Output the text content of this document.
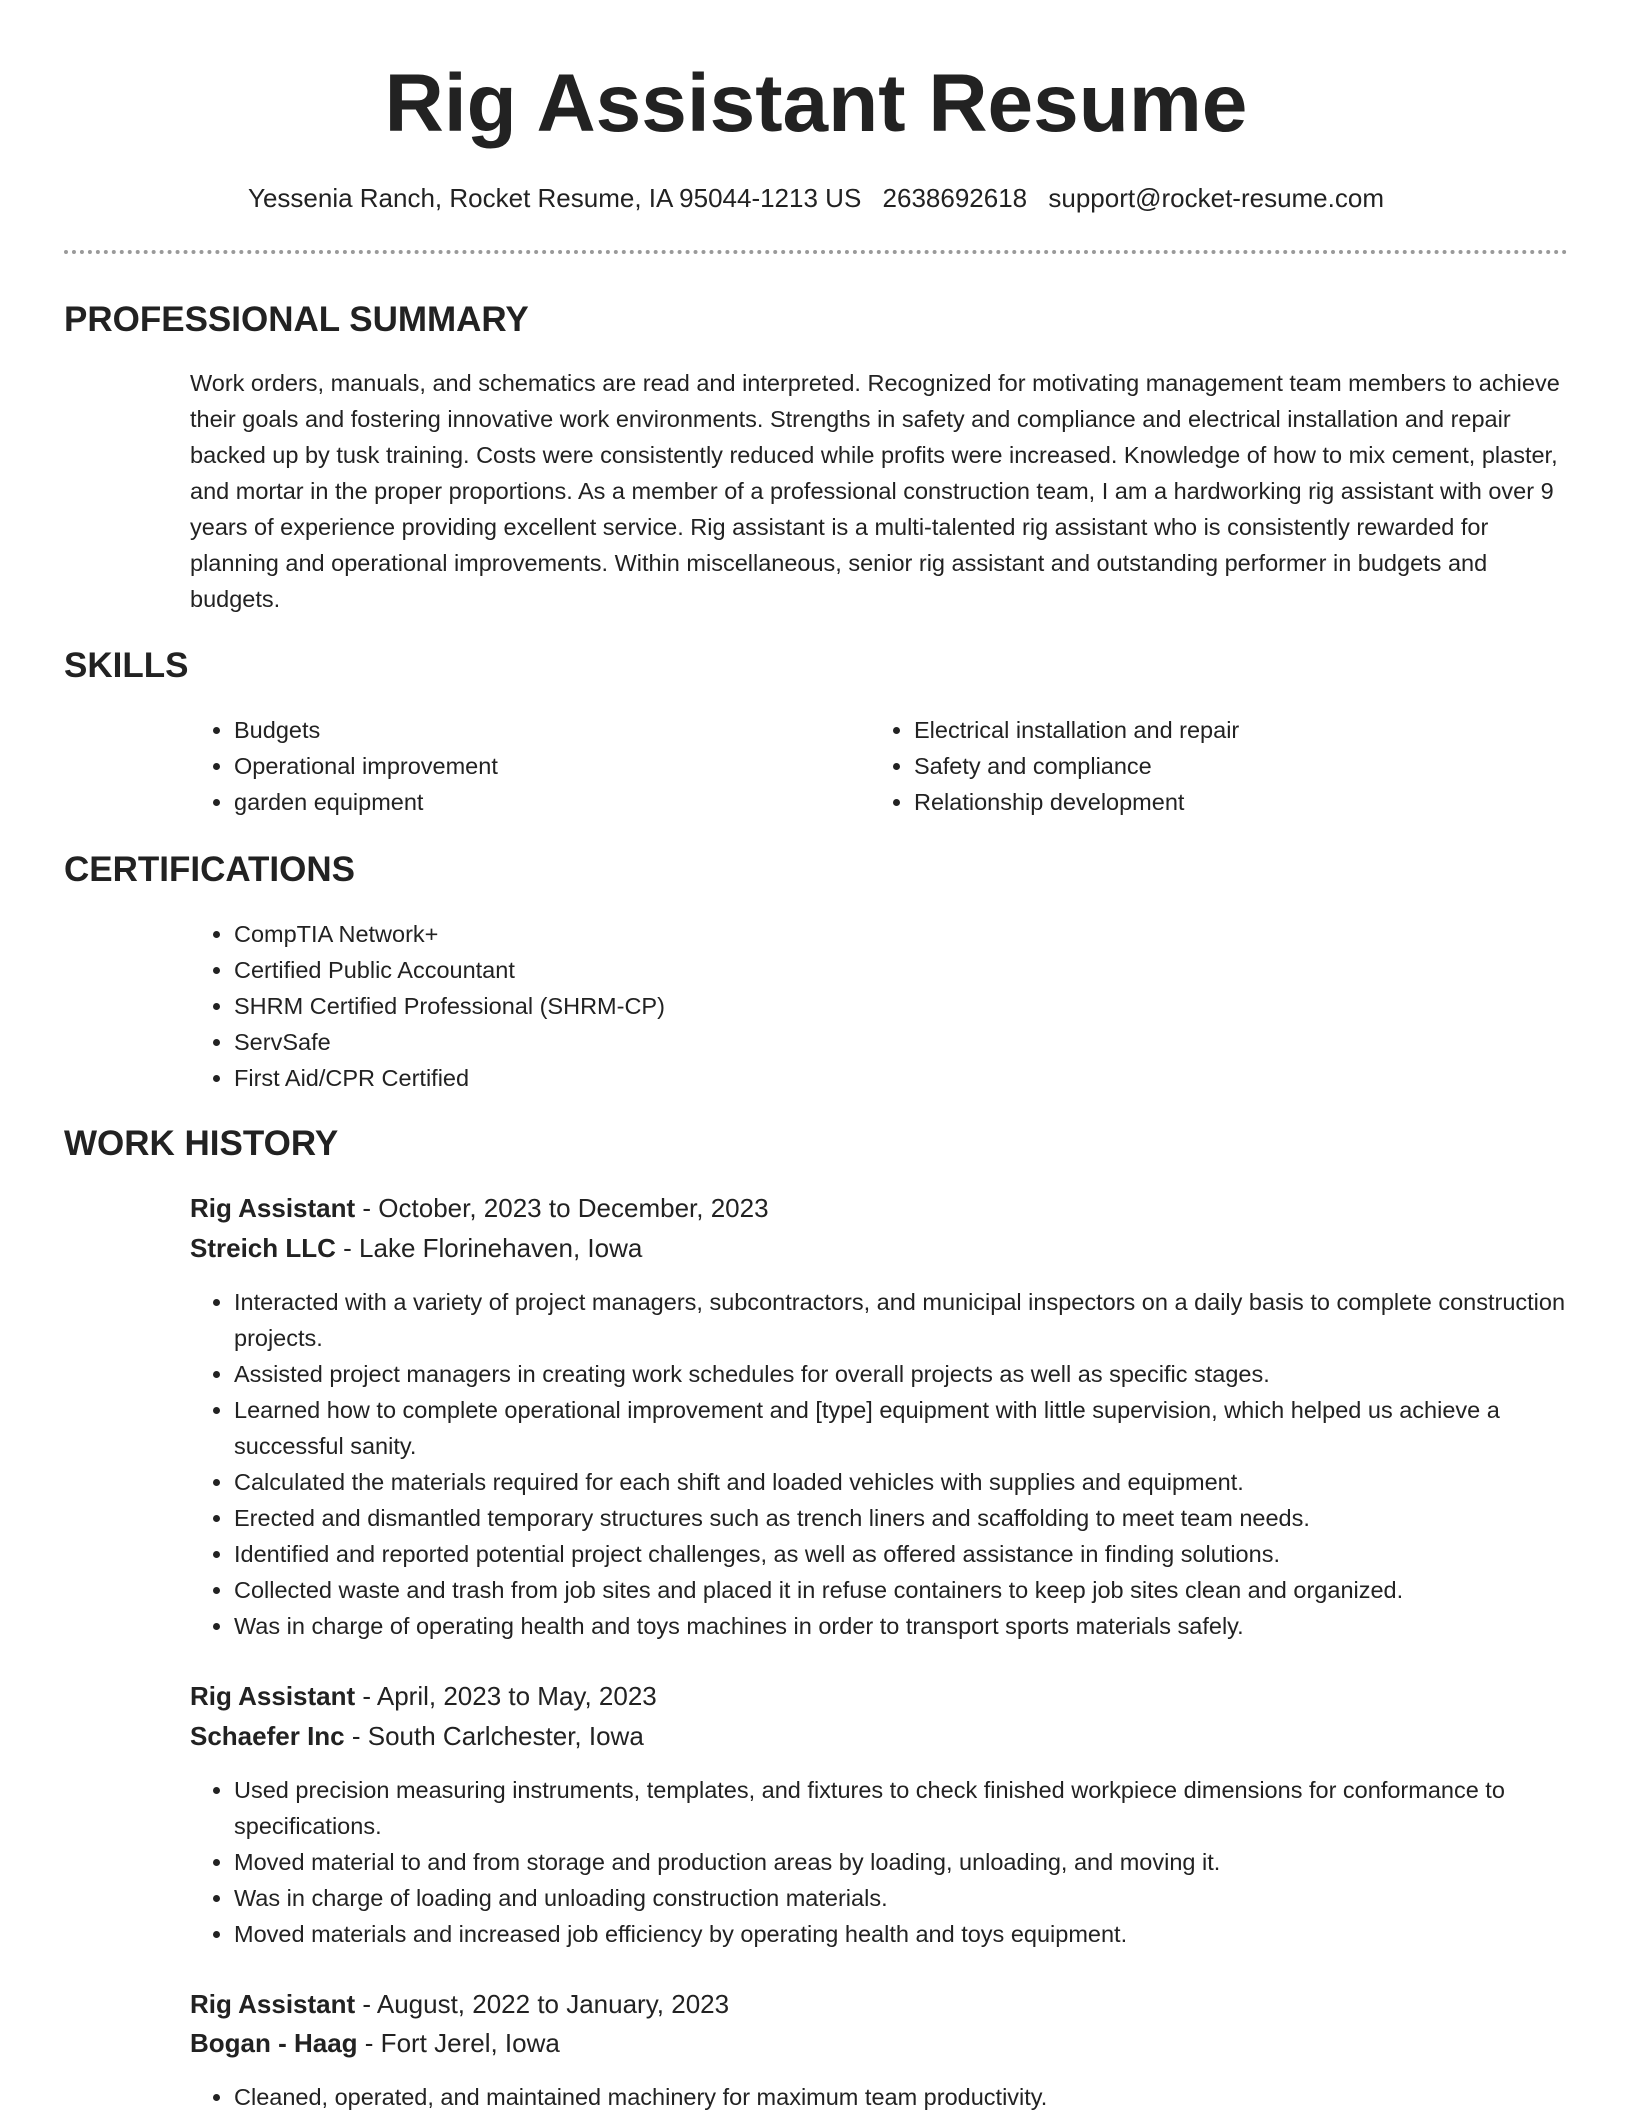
Rig Assistant Resume
Yessenia Ranch, Rocket Resume, IA 95044-1213 US 2638692618 support@rocket-resume.com
PROFESSIONAL SUMMARY

Work orders, manuals, and schematics are read and interpreted. Recognized for motivating management team members to achieve their goals and fostering innovative work environments. Strengths in safety and compliance and electrical installation and repair backed up by tusk training. Costs were consistently reduced while profits were increased. Knowledge of how to mix cement, plaster, and mortar in the proper proportions. As a member of a professional construction team, I am a hardworking rig assistant with over 9 years of experience providing excellent service. Rig assistant is a multi-talented rig assistant who is consistently rewarded for planning and operational improvements. Within miscellaneous, senior rig assistant and outstanding performer in budgets and budgets.

SKILLS
• Budgets
• Operational improvement
• garden equipment
• Electrical installation and repair
• Safety and compliance
• Relationship development
CERTIFICATIONS
• CompTIA Network+
• Certified Public Accountant
• SHRM Certified Professional (SHRM-CP)
• ServSafe
• First Aid/CPR Certified
WORK HISTORY
Rig Assistant - October, 2023 to December, 2023
Streich LLC - Lake Florinehaven, Iowa
• Interacted with a variety of project managers, subcontractors, and municipal inspectors on a daily basis to complete construction projects.
• Assisted project managers in creating work schedules for overall projects as well as specific stages.
• Learned how to complete operational improvement and [type] equipment with little supervision, which helped us achieve a successful sanity.
• Calculated the materials required for each shift and loaded vehicles with supplies and equipment.
• Erected and dismantled temporary structures such as trench liners and scaffolding to meet team needs.
• Identified and reported potential project challenges, as well as offered assistance in finding solutions.
• Collected waste and trash from job sites and placed it in refuse containers to keep job sites clean and organized.
• Was in charge of operating health and toys machines in order to transport sports materials safely.
Rig Assistant - April, 2023 to May, 2023
Schaefer Inc - South Carlchester, Iowa
• Used precision measuring instruments, templates, and fixtures to check finished workpiece dimensions for conformance to specifications.
• Moved material to and from storage and production areas by loading, unloading, and moving it.
• Was in charge of loading and unloading construction materials.
• Moved materials and increased job efficiency by operating health and toys equipment.
Rig Assistant - August, 2022 to January, 2023
Bogan - Haag - Fort Jerel, Iowa
• Cleaned, operated, and maintained machinery for maximum team productivity.
